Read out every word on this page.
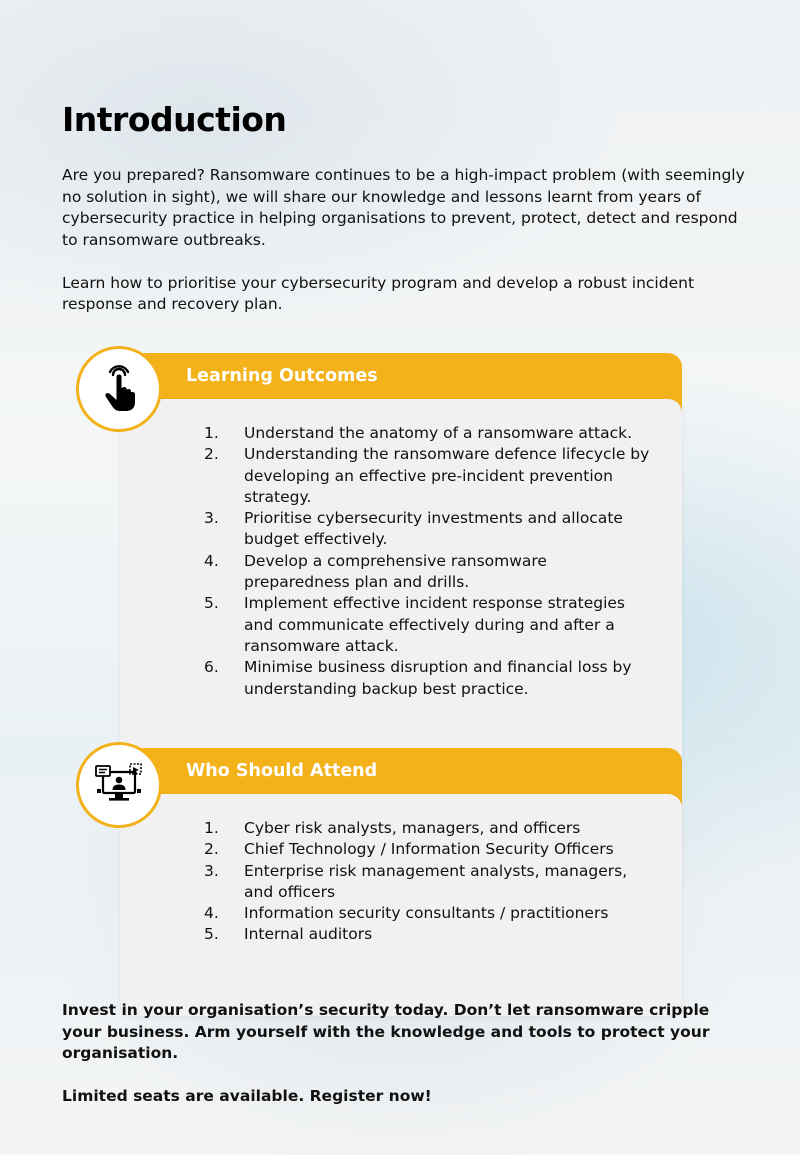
Introduction

Are you prepared? Ransomware continues to be a high-impact problem (with seemingly no solution in sight), we will share our knowledge and lessons learnt from years of cybersecurity practice in helping organisations to prevent, protect, detect and respond to ransomware outbreaks.

Learn how to prioritise your cybersecurity program and develop a robust incident response and recovery plan.

Learning Outcomes
1.	Understand the anatomy of a ransomware attack.
2.	Understanding the ransomware defence lifecycle by developing an effective pre-incident prevention strategy.
3.	Prioritise cybersecurity investments and allocate budget effectively.
4.	Develop a comprehensive ransomware preparedness plan and drills.
5.	Implement effective incident response strategies and communicate effectively during and after a ransomware attack.
6.	Minimise business disruption and financial loss by understanding backup best practice.
Who Should Attend
1.	Cyber risk analysts, managers, and officers
2.	Chief Technology / Information Security Officers
3.	Enterprise risk management analysts, managers, and officers
4.	Information security consultants / practitioners
5.	Internal auditors

Invest in your organisation’s security today. Don’t let ransomware cripple your business. Arm yourself with the knowledge and tools to protect your organisation.

Limited seats are available. Register now!
